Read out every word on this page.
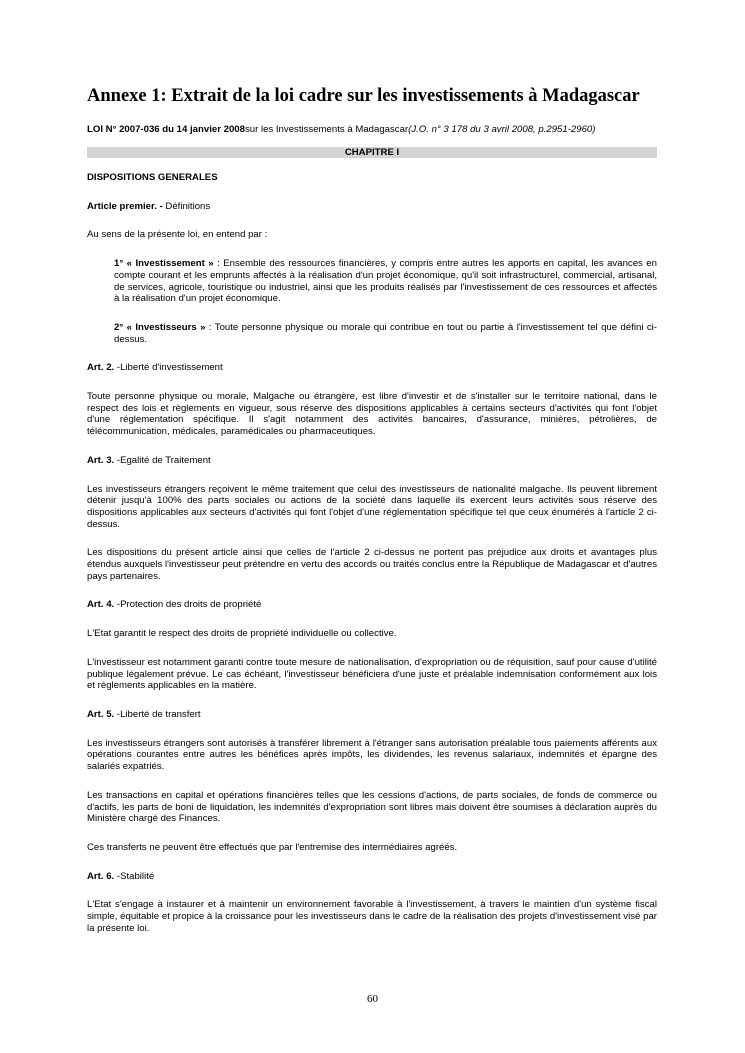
Annexe 1: Extrait de la loi cadre sur les investissements à Madagascar
LOI N° 2007-036 du 14 janvier 2008sur les Investissements à Madagascar(J.O. n° 3 178 du 3 avril 2008, p.2951-2960)
CHAPITRE I

DISPOSITIONS GENERALES

Article premier. - Définitions

Au sens de la présente loi, en entend par :

1° « Investissement » : Ensemble des ressources financières, y compris entre autres les apports en capital, les avances en compte courant et les emprunts affectés à la réalisation d'un projet économique, qu'il soit infrastructurel, commercial, artisanal, de services, agricole, touristique ou industriel, ainsi que les produits réalisés par l'investissement de ces ressources et affectés à la réalisation d'un projet économique.

2° « Investisseurs » : Toute personne physique ou morale qui contribue en tout ou partie à l'investissement tel que défini ci-dessus.

Art. 2. -Liberté d'investissement

Toute personne physique ou morale, Malgache ou étrangère, est libre d'investir et de s'installer sur le territoire national, dans le respect des lois et règlements en vigueur, sous réserve des dispositions applicables à certains secteurs d'activités qui font l'objet d'une réglementation spécifique. Il s'agit notamment des activités bancaires, d'assurance, minières, pétrolières, de télécommunication, médicales, paramédicales ou pharmaceutiques.

Art. 3. -Egalité de Traitement

Les investisseurs étrangers reçoivent le même traitement que celui des investisseurs de nationalité malgache. Ils peuvent librement détenir jusqu'à 100% des parts sociales ou actions de la société dans laquelle ils exercent leurs activités sous réserve des dispositions applicables aux secteurs d'activités qui font l'objet d'une réglementation spécifique tel que ceux énumérés à l'article 2 ci-dessus.

Les dispositions du présent article ainsi que celles de l'article 2 ci-dessus ne portent pas préjudice aux droits et avantages plus étendus auxquels l'investisseur peut prétendre en vertu des accords ou traités conclus entre la République de Madagascar et d'autres pays partenaires.

Art. 4. -Protection des droits de propriété

L'Etat garantit le respect des droits de propriété individuelle ou collective.

L'investisseur est notamment garanti contre toute mesure de nationalisation, d'expropriation ou de réquisition, sauf pour cause d'utilité publique légalement prévue. Le cas échéant, l'investisseur bénéficiera d'une juste et préalable indemnisation conformément aux lois et règlements applicables en la matière.

Art. 5. -Liberté de transfert

Les investisseurs étrangers sont autorisés à transférer librement à l'étranger sans autorisation préalable tous paiements afférents aux opérations courantes entre autres les bénéfices après impôts, les dividendes, les revenus salariaux, indemnités et épargne des salariés expatriés.

Les transactions en capital et opérations financières telles que les cessions d'actions, de parts sociales, de fonds de commerce ou d'actifs, les parts de boni de liquidation, les indemnités d'expropriation sont libres mais doivent être soumises à déclaration auprès du Ministère chargé des Finances.

Ces transferts ne peuvent être effectués que par l'entremise des intermédiaires agréés.

Art. 6. -Stabilité

L'Etat s'engage à instaurer et à maintenir un environnement favorable à l'investissement, à travers le maintien d'un système fiscal simple, équitable et propice à la croissance pour les investisseurs dans le cadre de la réalisation des projets d'investissement visé par la présente loi.

60
